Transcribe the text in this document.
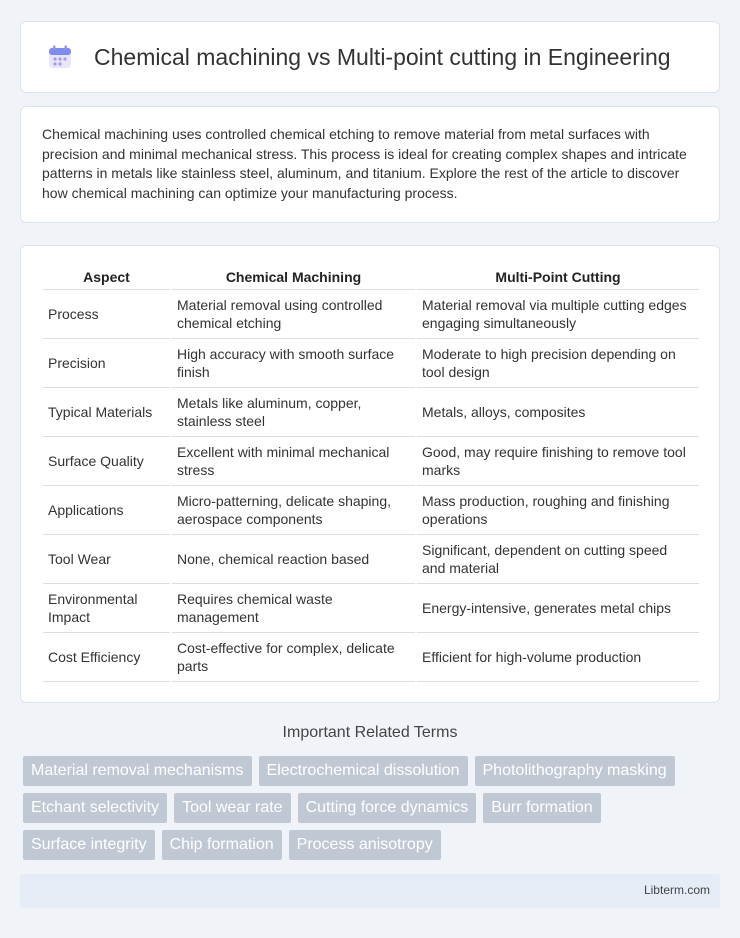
Chemical machining vs Multi-point cutting in Engineering

Chemical machining uses controlled chemical etching to remove material from metal surfaces with precision and minimal mechanical stress. This process is ideal for creating complex shapes and intricate patterns in metals like stainless steel, aluminum, and titanium. Explore the rest of the article to discover how chemical machining can optimize your manufacturing process.

Aspect	Chemical Machining	Multi-Point Cutting
Process	Material removal using controlled chemical etching	Material removal via multiple cutting edges engaging simultaneously
Precision	High accuracy with smooth surface finish	Moderate to high precision depending on tool design
Typical Materials	Metals like aluminum, copper, stainless steel	Metals, alloys, composites
Surface Quality	Excellent with minimal mechanical stress	Good, may require finishing to remove tool marks
Applications	Micro-patterning, delicate shaping, aerospace components	Mass production, roughing and finishing operations
Tool Wear	None, chemical reaction based	Significant, dependent on cutting speed and material
Environmental Impact	Requires chemical waste management	Energy-intensive, generates metal chips
Cost Efficiency	Cost-effective for complex, delicate parts	Efficient for high-volume production
Important Related Terms
Material removal mechanisms	Electrochemical dissolution	Photolithography masking
Etchant selectivity	Tool wear rate	Cutting force dynamics	Burr formation
Surface integrity	Chip formation	Process anisotropy
Libterm.com
